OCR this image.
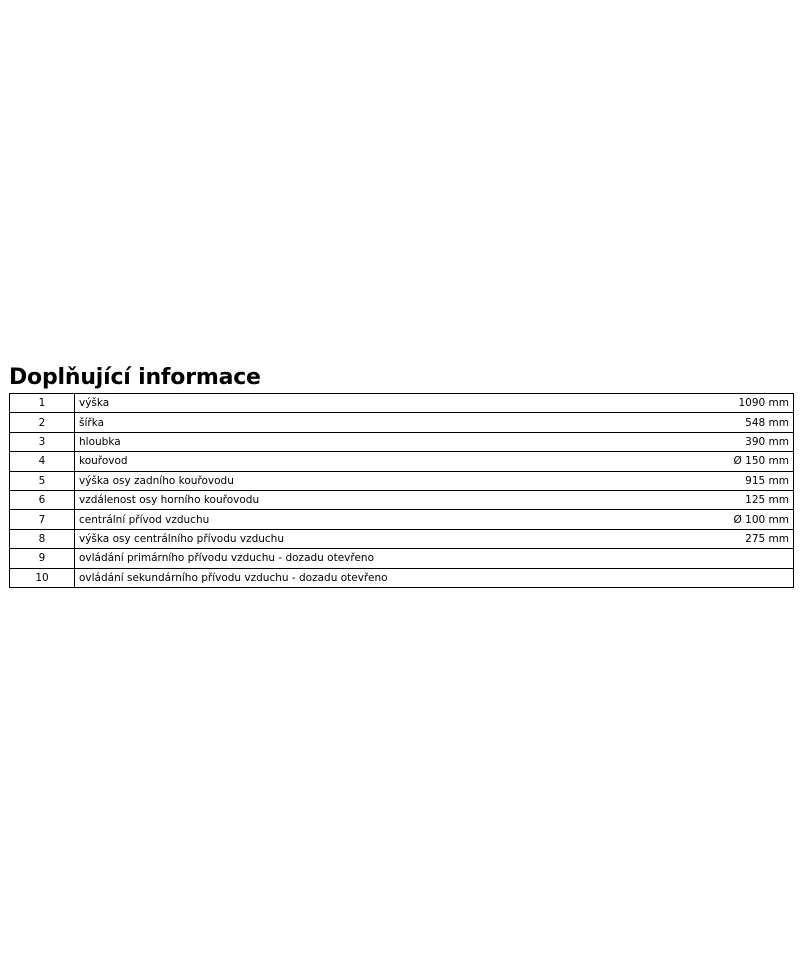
Doplňující informace
1	výška	1090 mm
2	šířka	548 mm
3	hloubka	390 mm
4	kouřovod	Ø 150 mm
5	výška osy zadního kouřovodu	915 mm
6	vzdálenost osy horního kouřovodu	125 mm
7	centrální přívod vzduchu	Ø 100 mm
8	výška osy centrálního přívodu vzduchu	275 mm
9	ovládání primárního přívodu vzduchu - dozadu otevřeno	
10	ovládání sekundárního přívodu vzduchu - dozadu otevřeno	
